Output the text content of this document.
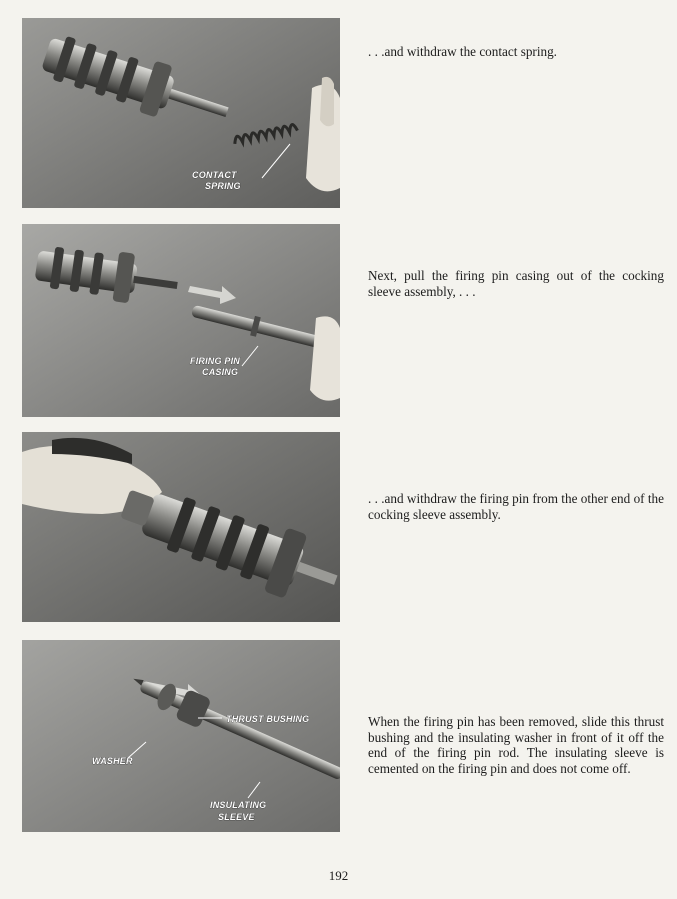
CONTACT
SPRING
. . .and withdraw the contact spring.
FIRING PIN
CASING
Next, pull the firing pin casing out of the cocking sleeve assembly, . . .
. . .and withdraw the firing pin from the other end of the cocking sleeve assembly.
THRUST BUSHING
WASHER
INSULATING
SLEEVE
When the firing pin has been removed, slide this thrust bushing and the insulating washer in front of it off the end of the firing pin rod. The insulating sleeve is cemented on the firing pin and does not come off.
192
